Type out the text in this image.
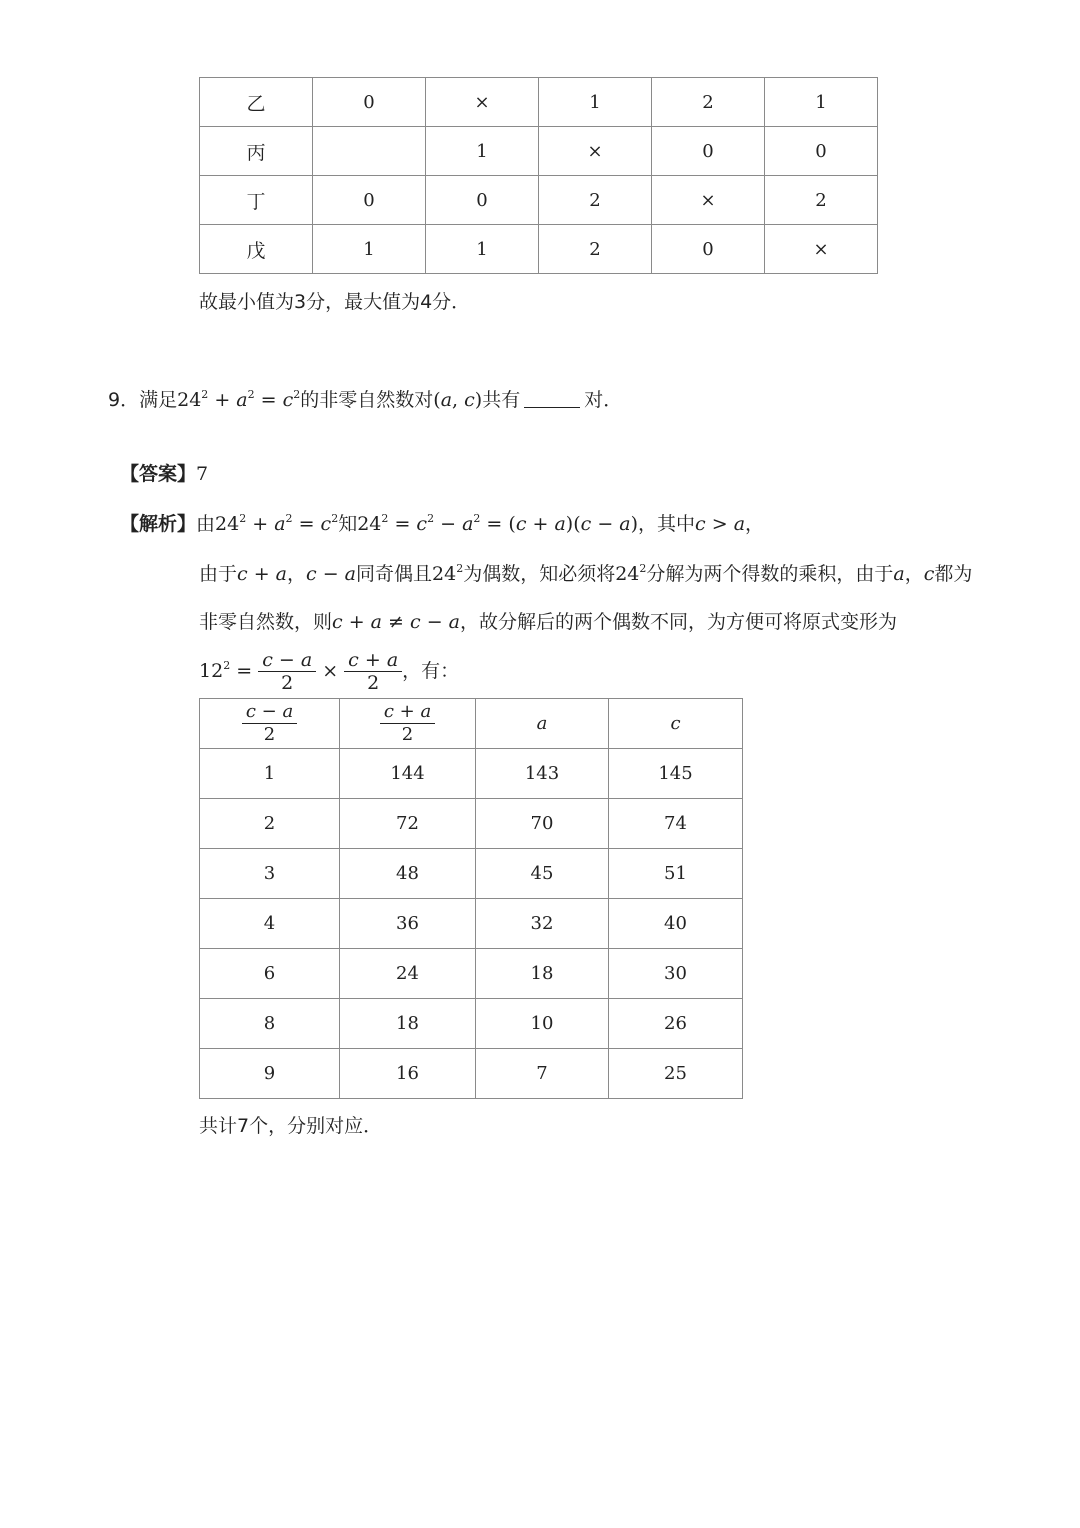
乙	0	×	1	2	1
丙		1	×	0	0
丁	0	0	2	×	2
戊	1	1	2	0	×
故最小值为3分，最大值为4分．
9．满足$24^2 + a^2 = c^2$的非零自然数对(a, c)共有	对．
【答案】7
【解析】由$24^2 + a^2 = c^2$知$24^2 = c^2 - a^2 = (c + a)(c - a)$，其中c > a，
由于c + a，c − a同奇偶且$24^2$为偶数，知必须将$24^2$分解为两个得数的乘积，由于a，c都为
非零自然数，则c + a ≠ c − a，故分解后的两个偶数不同，为方便可将原式变形为
$12^2 = \frac{c - a}{2} \times \frac{c + a}{2}$ ，有：
$\frac{c - a}{2}$	$\frac{c + a}{2}$	a	c
1	144	143	145
2	72	70	74
3	48	45	51
4	36	32	40
6	24	18	30
8	18	10	26
9	16	7	25
共计7个，分别对应．
